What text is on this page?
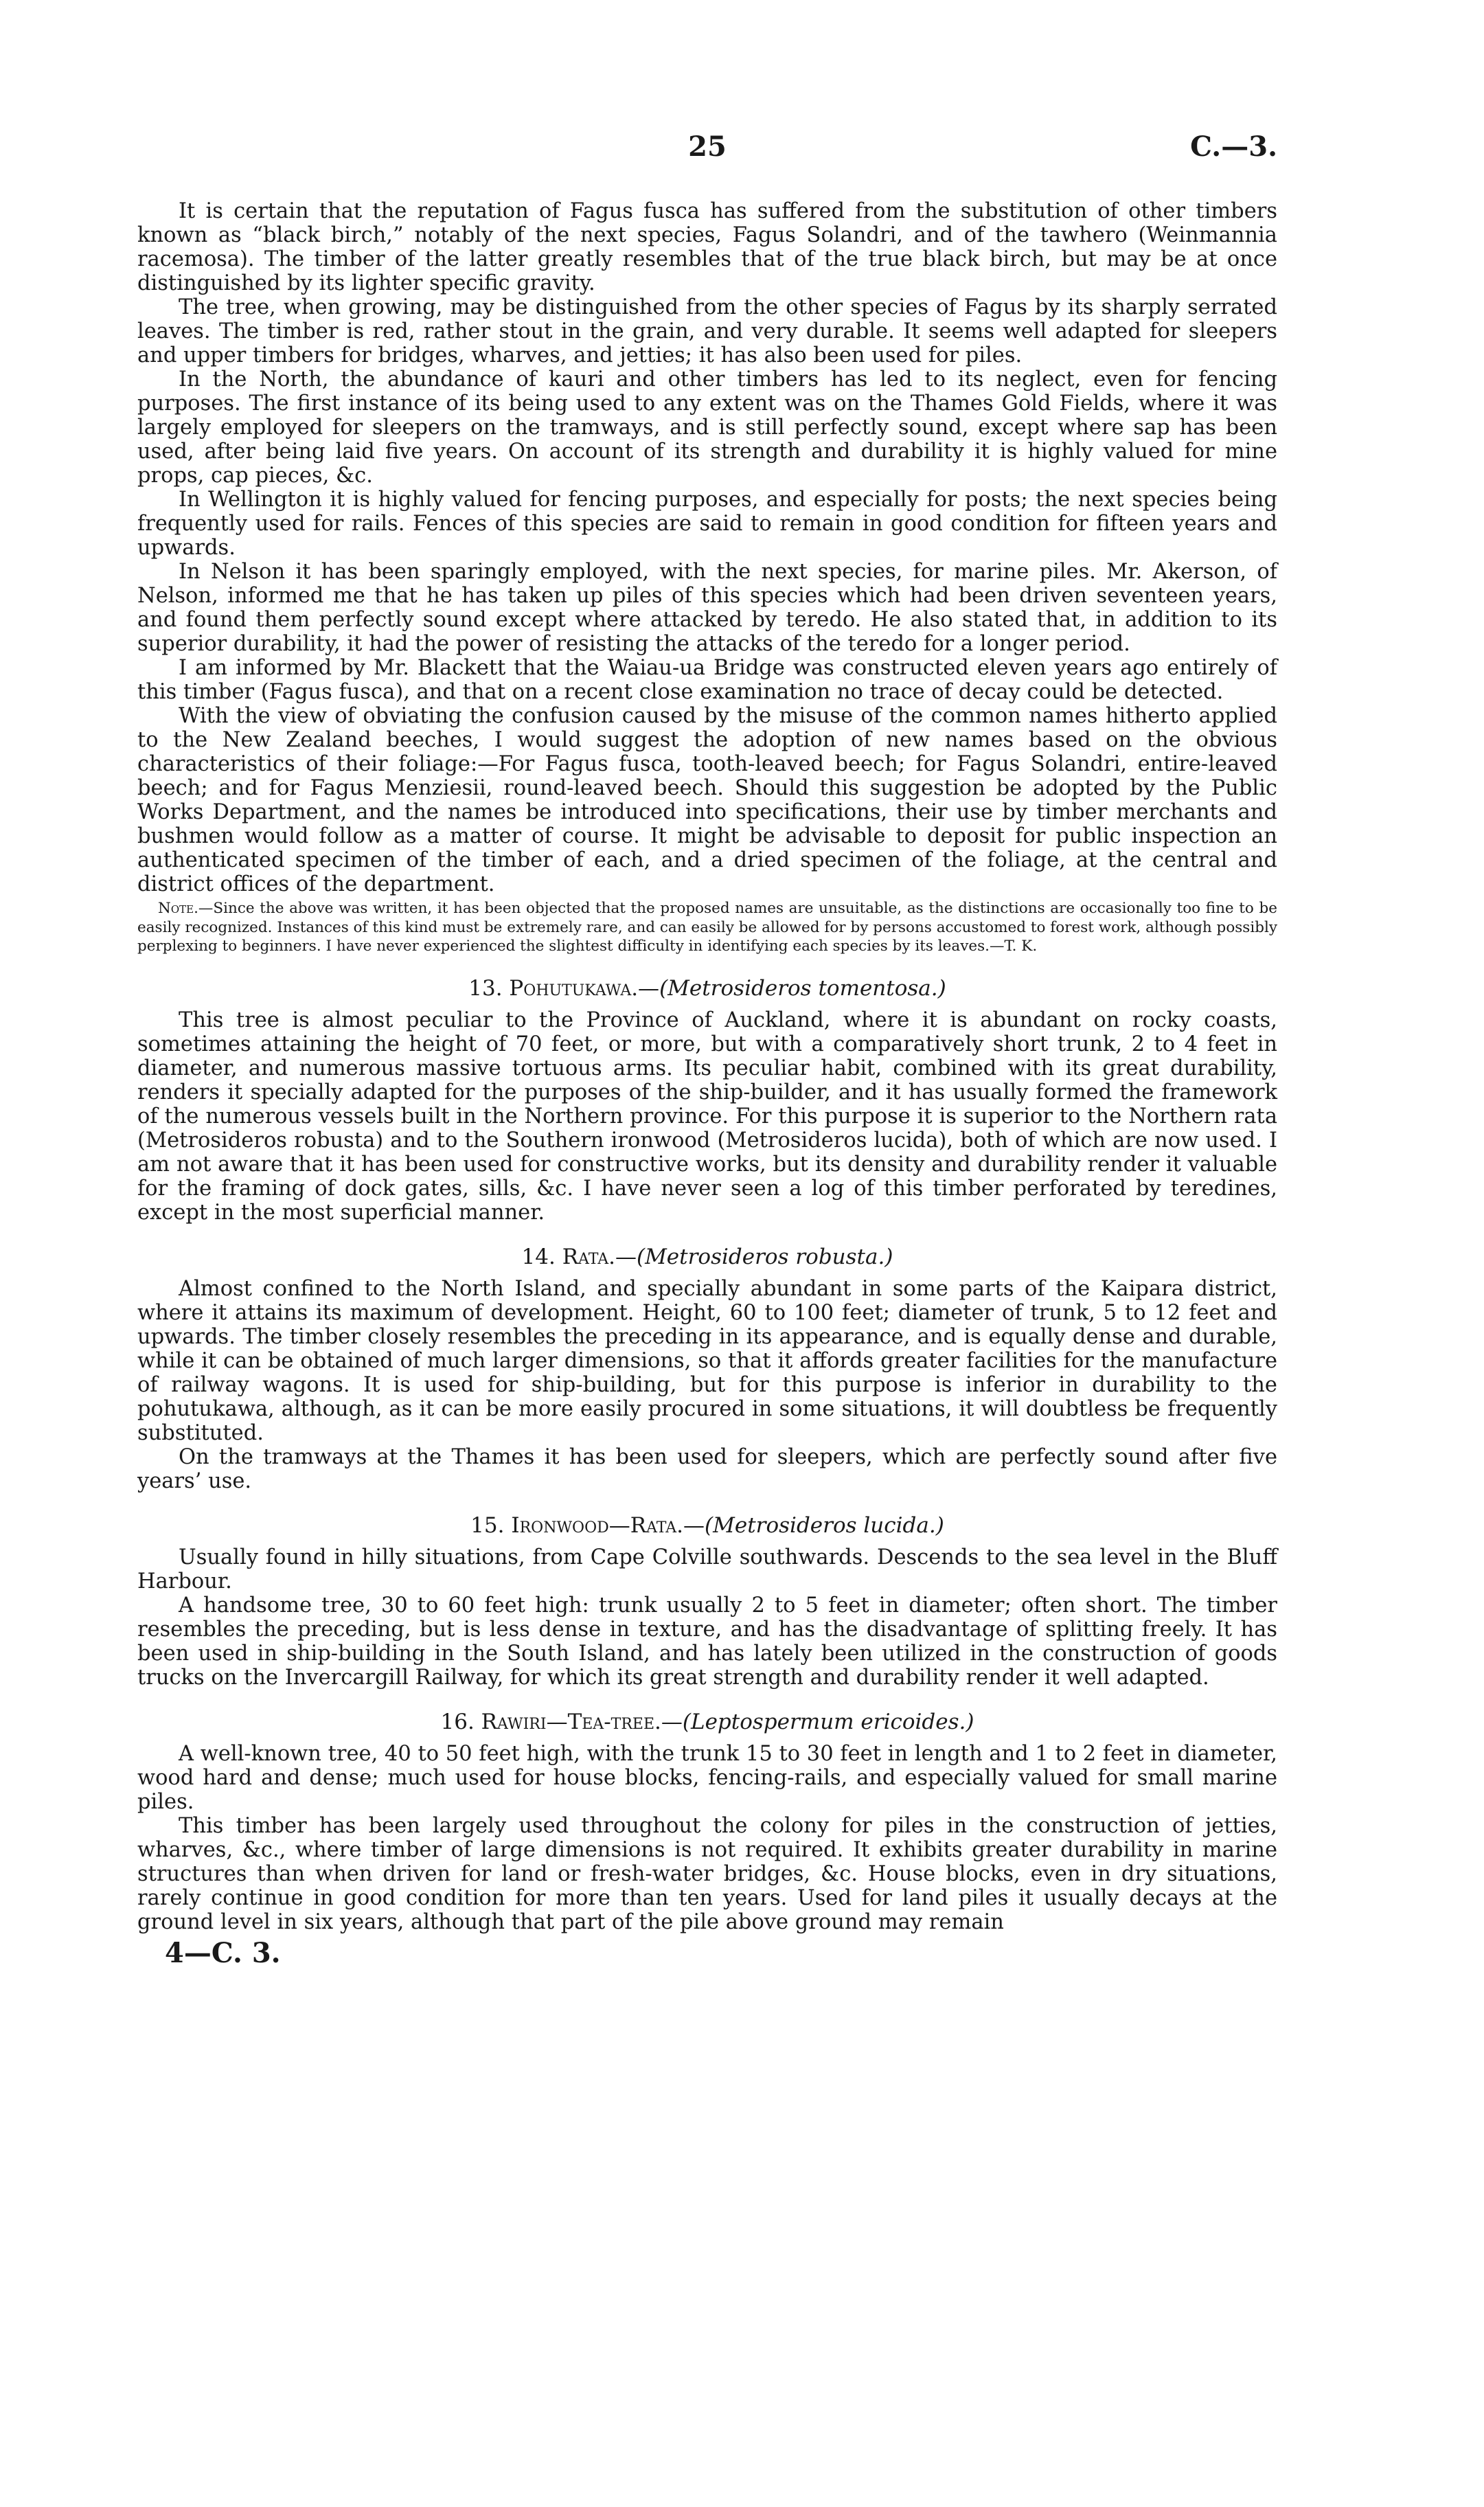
25	C.—3.

It is certain that the reputation of Fagus fusca has suffered from the substitution of other timbers known as “black birch,” notably of the next species, Fagus Solandri, and of the tawhero (Weinmannia racemosa). The timber of the latter greatly resembles that of the true black birch, but may be at once distinguished by its lighter specific gravity.

The tree, when growing, may be distinguished from the other species of Fagus by its sharply serrated leaves. The timber is red, rather stout in the grain, and very durable. It seems well adapted for sleepers and upper timbers for bridges, wharves, and jetties; it has also been used for piles.

In the North, the abundance of kauri and other timbers has led to its neglect, even for fencing purposes. The first instance of its being used to any extent was on the Thames Gold Fields, where it was largely employed for sleepers on the tramways, and is still perfectly sound, except where sap has been used, after being laid five years. On account of its strength and durability it is highly valued for mine props, cap pieces, &c.

In Wellington it is highly valued for fencing purposes, and especially for posts; the next species being frequently used for rails. Fences of this species are said to remain in good condition for fifteen years and upwards.

In Nelson it has been sparingly employed, with the next species, for marine piles. Mr. Akerson, of Nelson, informed me that he has taken up piles of this species which had been driven seventeen years, and found them perfectly sound except where attacked by teredo. He also stated that, in addition to its superior durability, it had the power of resisting the attacks of the teredo for a longer period.

I am informed by Mr. Blackett that the Waiau-ua Bridge was constructed eleven years ago entirely of this timber (Fagus fusca), and that on a recent close examination no trace of decay could be detected.

With the view of obviating the confusion caused by the misuse of the common names hitherto applied to the New Zealand beeches, I would suggest the adoption of new names based on the obvious characteristics of their foliage:—For Fagus fusca, tooth-leaved beech; for Fagus Solandri, entire-leaved beech; and for Fagus Menziesii, round-leaved beech. Should this suggestion be adopted by the Public Works Department, and the names be introduced into specifications, their use by timber merchants and bushmen would follow as a matter of course. It might be advisable to deposit for public inspection an authenticated specimen of the timber of each, and a dried specimen of the foliage, at the central and district offices of the department.

Note.—Since the above was written, it has been objected that the proposed names are unsuitable, as the distinctions are occasionally too fine to be easily recognized. Instances of this kind must be extremely rare, and can easily be allowed for by persons accustomed to forest work, although possibly perplexing to beginners. I have never experienced the slightest difficulty in identifying each species by its leaves.—T. K.

13. Pohutukawa.—(Metrosideros tomentosa.)

This tree is almost peculiar to the Province of Auckland, where it is abundant on rocky coasts, sometimes attaining the height of 70 feet, or more, but with a comparatively short trunk, 2 to 4 feet in diameter, and numerous massive tortuous arms. Its peculiar habit, combined with its great durability, renders it specially adapted for the purposes of the ship-builder, and it has usually formed the framework of the numerous vessels built in the Northern province. For this purpose it is superior to the Northern rata (Metrosideros robusta) and to the Southern ironwood (Metrosideros lucida), both of which are now used. I am not aware that it has been used for constructive works, but its density and durability render it valuable for the framing of dock gates, sills, &c. I have never seen a log of this timber perforated by teredines, except in the most superficial manner.

14. Rata.—(Metrosideros robusta.)

Almost confined to the North Island, and specially abundant in some parts of the Kaipara district, where it attains its maximum of development. Height, 60 to 100 feet; diameter of trunk, 5 to 12 feet and upwards. The timber closely resembles the preceding in its appearance, and is equally dense and durable, while it can be obtained of much larger dimensions, so that it affords greater facilities for the manufacture of railway wagons. It is used for ship-building, but for this purpose is inferior in durability to the pohutukawa, although, as it can be more easily procured in some situations, it will doubtless be frequently substituted.

On the tramways at the Thames it has been used for sleepers, which are perfectly sound after five years’ use.

15. Ironwood—Rata.—(Metrosideros lucida.)

Usually found in hilly situations, from Cape Colville southwards. Descends to the sea level in the Bluff Harbour.

A handsome tree, 30 to 60 feet high: trunk usually 2 to 5 feet in diameter; often short. The timber resembles the preceding, but is less dense in texture, and has the disadvantage of splitting freely. It has been used in ship-building in the South Island, and has lately been utilized in the construction of goods trucks on the Invercargill Railway, for which its great strength and durability render it well adapted.

16. Rawiri—Tea-tree.—(Leptospermum ericoides.)

A well-known tree, 40 to 50 feet high, with the trunk 15 to 30 feet in length and 1 to 2 feet in diameter, wood hard and dense; much used for house blocks, fencing-rails, and especially valued for small marine piles.

This timber has been largely used throughout the colony for piles in the construction of jetties, wharves, &c., where timber of large dimensions is not required. It exhibits greater durability in marine structures than when driven for land or fresh-water bridges, &c. House blocks, even in dry situations, rarely continue in good condition for more than ten years. Used for land piles it usually decays at the ground level in six years, although that part of the pile above ground may remain

4—C. 3.
